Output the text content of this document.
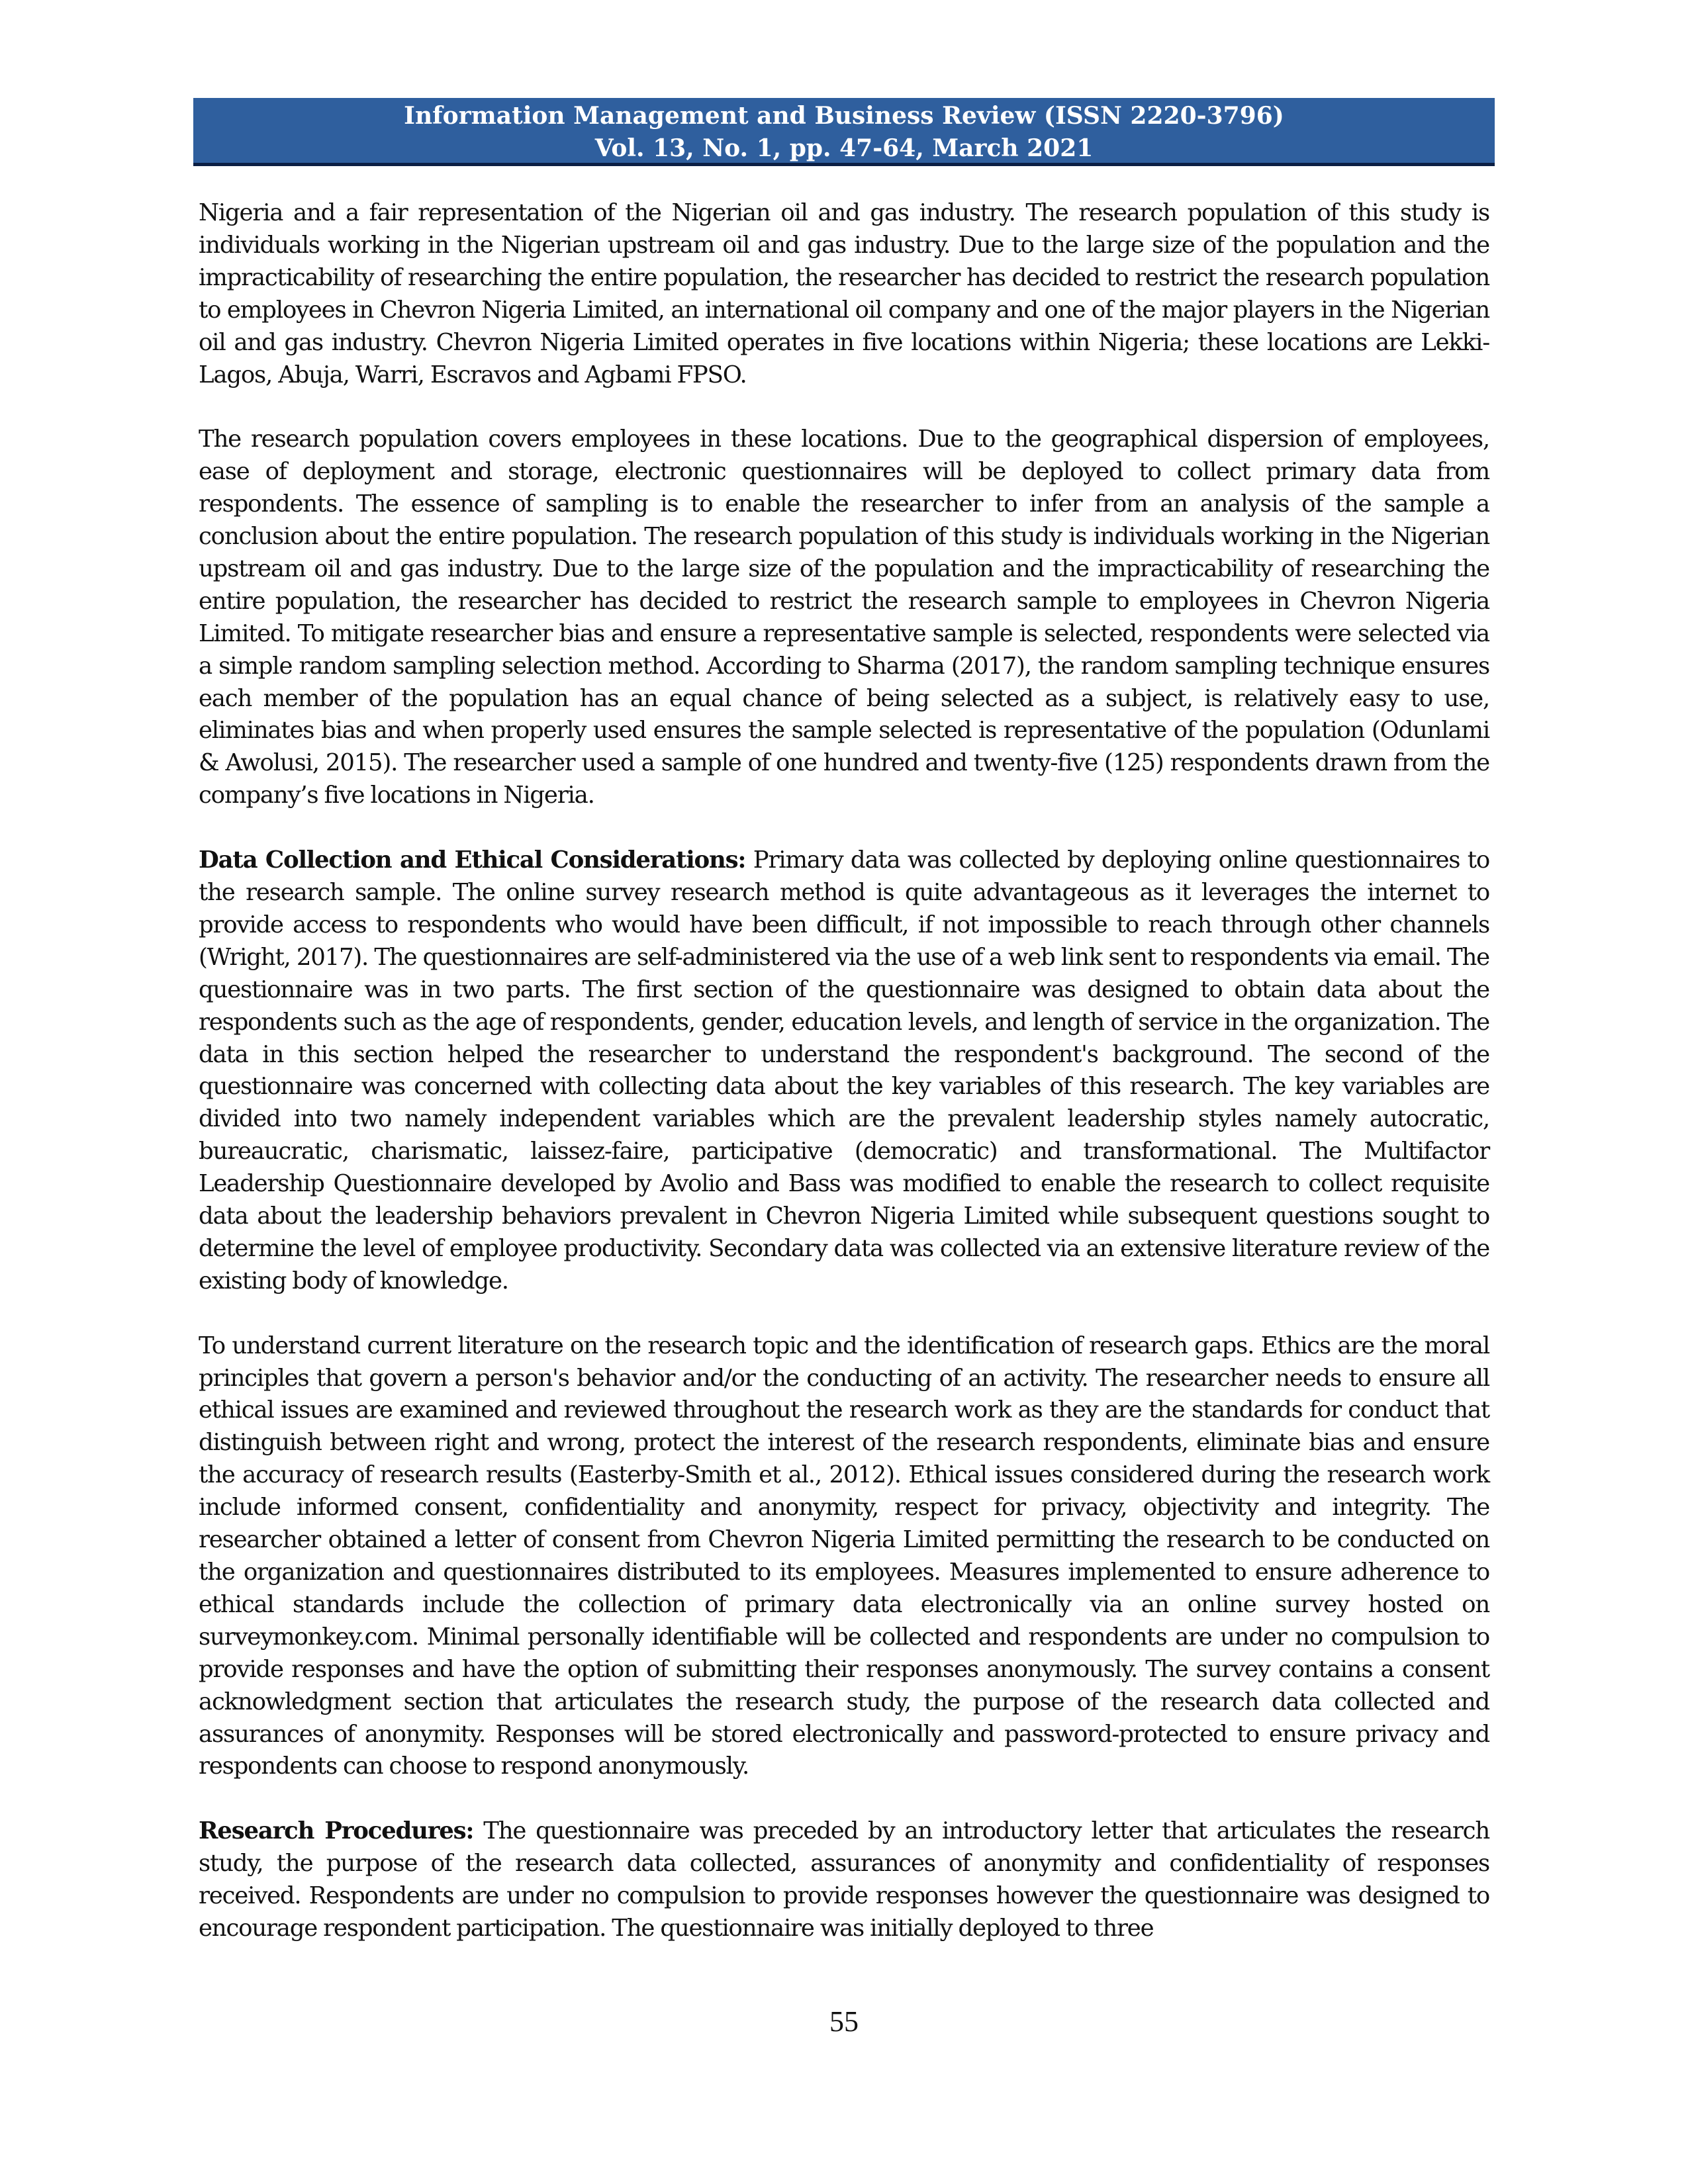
Information Management and Business Review (ISSN 2220-3796)
Vol. 13, No. 1, pp. 47-64, March 2021

Nigeria and a fair representation of the Nigerian oil and gas industry. The research population of this study is individuals working in the Nigerian upstream oil and gas industry. Due to the large size of the population and the impracticability of researching the entire population, the researcher has decided to restrict the research population to employees in Chevron Nigeria Limited, an international oil company and one of the major players in the Nigerian oil and gas industry. Chevron Nigeria Limited operates in five locations within Nigeria; these locations are Lekki-Lagos, Abuja, Warri, Escravos and Agbami FPSO.

The research population covers employees in these locations. Due to the geographical dispersion of employees, ease of deployment and storage, electronic questionnaires will be deployed to collect primary data from respondents. The essence of sampling is to enable the researcher to infer from an analysis of the sample a conclusion about the entire population. The research population of this study is individuals working in the Nigerian upstream oil and gas industry. Due to the large size of the population and the impracticability of researching the entire population, the researcher has decided to restrict the research sample to employees in Chevron Nigeria Limited. To mitigate researcher bias and ensure a representative sample is selected, respondents were selected via a simple random sampling selection method. According to Sharma (2017), the random sampling technique ensures each member of the population has an equal chance of being selected as a subject, is relatively easy to use, eliminates bias and when properly used ensures the sample selected is representative of the population (Odunlami & Awolusi, 2015). The researcher used a sample of one hundred and twenty-five (125) respondents drawn from the company’s five locations in Nigeria.

Data Collection and Ethical Considerations: Primary data was collected by deploying online questionnaires to the research sample. The online survey research method is quite advantageous as it leverages the internet to provide access to respondents who would have been difficult, if not impossible to reach through other channels (Wright, 2017). The questionnaires are self-administered via the use of a web link sent to respondents via email. The questionnaire was in two parts. The first section of the questionnaire was designed to obtain data about the respondents such as the age of respondents, gender, education levels, and length of service in the organization. The data in this section helped the researcher to understand the respondent's background. The second of the questionnaire was concerned with collecting data about the key variables of this research. The key variables are divided into two namely independent variables which are the prevalent leadership styles namely autocratic, bureaucratic, charismatic, laissez-faire, participative (democratic) and transformational. The Multifactor Leadership Questionnaire developed by Avolio and Bass was modified to enable the research to collect requisite data about the leadership behaviors prevalent in Chevron Nigeria Limited while subsequent questions sought to determine the level of employee productivity. Secondary data was collected via an extensive literature review of the existing body of knowledge.

To understand current literature on the research topic and the identification of research gaps. Ethics are the moral principles that govern a person's behavior and/or the conducting of an activity. The researcher needs to ensure all ethical issues are examined and reviewed throughout the research work as they are the standards for conduct that distinguish between right and wrong, protect the interest of the research respondents, eliminate bias and ensure the accuracy of research results (Easterby-Smith et al., 2012). Ethical issues considered during the research work include informed consent, confidentiality and anonymity, respect for privacy, objectivity and integrity. The researcher obtained a letter of consent from Chevron Nigeria Limited permitting the research to be conducted on the organization and questionnaires distributed to its employees. Measures implemented to ensure adherence to ethical standards include the collection of primary data electronically via an online survey hosted on surveymonkey.com. Minimal personally identifiable will be collected and respondents are under no compulsion to provide responses and have the option of submitting their responses anonymously. The survey contains a consent acknowledgment section that articulates the research study, the purpose of the research data collected and assurances of anonymity. Responses will be stored electronically and password-protected to ensure privacy and respondents can choose to respond anonymously.

Research Procedures: The questionnaire was preceded by an introductory letter that articulates the research study, the purpose of the research data collected, assurances of anonymity and confidentiality of responses received. Respondents are under no compulsion to provide responses however the questionnaire was designed to encourage respondent participation. The questionnaire was initially deployed to three

55
